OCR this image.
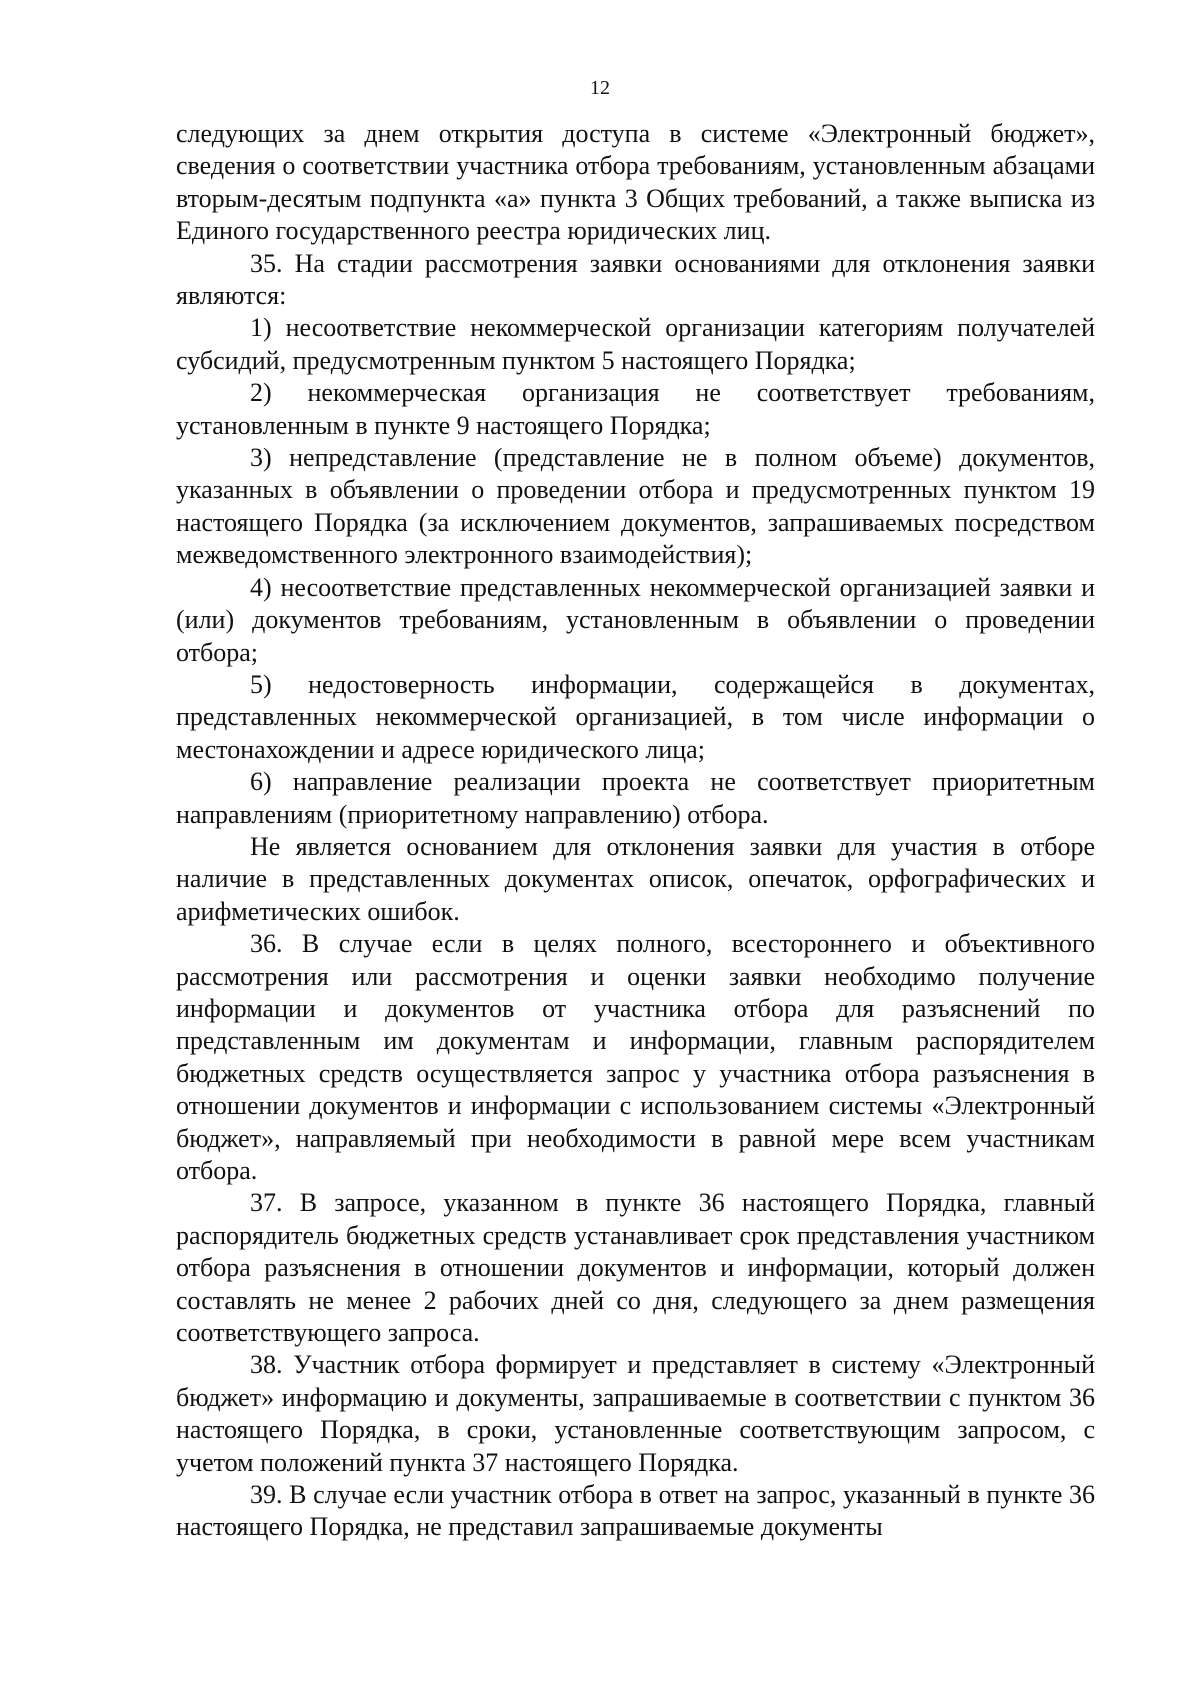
12

следующих за днем открытия доступа в системе «Электронный бюджет», сведения о соответствии участника отбора требованиям, установленным абзацами вторым-десятым подпункта «а» пункта 3 Общих требований, а также выписка из Единого государственного реестра юридических лиц.

35. На стадии рассмотрения заявки основаниями для отклонения заявки являются:

1) несоответствие некоммерческой организации категориям получателей субсидий, предусмотренным пунктом 5 настоящего Порядка;

2) некоммерческая организация не соответствует требованиям, установленным в пункте 9 настоящего Порядка;

3) непредставление (представление не в полном объеме) документов, указанных в объявлении о проведении отбора и предусмотренных пунктом 19 настоящего Порядка (за исключением документов, запрашиваемых посредством межведомственного электронного взаимодействия);

4) несоответствие представленных некоммерческой организацией заявки и (или) документов требованиям, установленным в объявлении о проведении отбора;

5) недостоверность информации, содержащейся в документах, представленных некоммерческой организацией, в том числе информации о местонахождении и адресе юридического лица;

6) направление реализации проекта не соответствует приоритетным направлениям (приоритетному направлению) отбора.

Не является основанием для отклонения заявки для участия в отборе наличие в представленных документах описок, опечаток, орфографических и арифметических ошибок.

36. В случае если в целях полного, всестороннего и объективного рассмотрения или рассмотрения и оценки заявки необходимо получение информации и документов от участника отбора для разъяснений по представленным им документам и информации, главным распорядителем бюджетных средств осуществляется запрос у участника отбора разъяснения в отношении документов и информации с использованием системы «Электронный бюджет», направляемый при необходимости в равной мере всем участникам отбора.

37. В запросе, указанном в пункте 36 настоящего Порядка, главный распорядитель бюджетных средств устанавливает срок представления участником отбора разъяснения в отношении документов и информации, который должен составлять не менее 2 рабочих дней со дня, следующего за днем размещения соответствующего запроса.

38. Участник отбора формирует и представляет в систему «Электронный бюджет» информацию и документы, запрашиваемые в соответствии с пунктом 36 настоящего Порядка, в сроки, установленные соответствующим запросом, с учетом положений пункта 37 настоящего Порядка.

39. В случае если участник отбора в ответ на запрос, указанный в пункте 36 настоящего Порядка, не представил запрашиваемые документы
